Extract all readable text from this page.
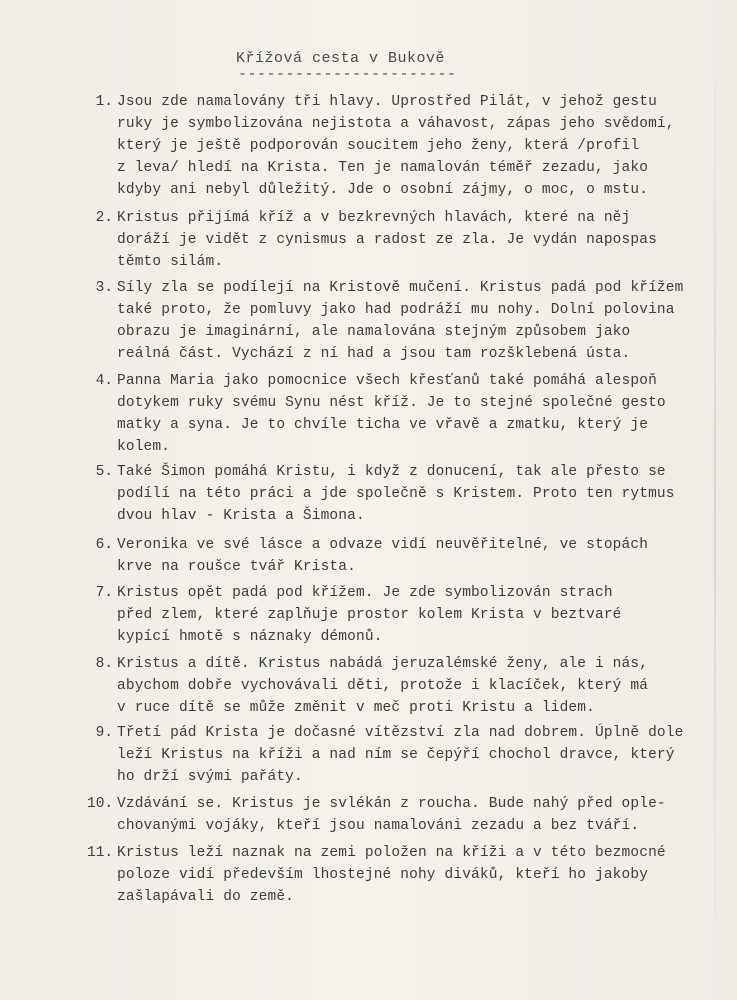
Křížová cesta v Bukově
-----------------------
1. Jsou zde namalovány tři hlavy. Uprostřed Pilát, v jehož gestu
ruky je symbolizována nejistota a váhavost, zápas jeho svědomí,
který je ještě podporován soucitem jeho ženy, která /profil
z leva/ hledí na Krista. Ten je namalován téměř zezadu, jako
kdyby ani nebyl důležitý. Jde o osobní zájmy, o moc, o mstu.
2. Kristus přijímá kříž a v bezkrevných hlavách, které na něj
doráží je vidět z cynismus a radost ze zla. Je vydán napospas
těmto silám.
3. Síly zla se podílejí na Kristově mučení. Kristus padá pod křížem
také proto, že pomluvy jako had podráží mu nohy. Dolní polovina
obrazu je imaginární, ale namalována stejným způsobem jako
reálná část. Vychází z ní had a jsou tam rozšklebená ústa.
4. Panna Maria jako pomocnice všech křesťanů také pomáhá alespoň
dotykem ruky svému Synu nést kříž. Je to stejné společné gesto
matky a syna. Je to chvíle ticha ve vřavě a zmatku, který je
kolem.
5. Také Šimon pomáhá Kristu, i když z donucení, tak ale přesto se
podílí na této práci a jde společně s Kristem. Proto ten rytmus
dvou hlav - Krista a Šimona.
6. Veronika ve své lásce a odvaze vidí neuvěřitelné, ve stopách
krve na roušce tvář Krista.
7. Kristus opět padá pod křížem. Je zde symbolizován strach
před zlem, které zaplňuje prostor kolem Krista v beztvaré
kypící hmotě s náznaky démonů.
8. Kristus a dítě. Kristus nabádá jeruzalémské ženy, ale i nás,
abychom dobře vychovávali děti, protože i klacíček, který má
v ruce dítě se může změnit v meč proti Kristu a lidem.
9. Třetí pád Krista je dočasné vítězství zla nad dobrem. Úplně dole
leží Kristus na kříži a nad ním se čepýří chochol dravce, který
ho drží svými pařáty.
10. Vzdávání se. Kristus je svlékán z roucha. Bude nahý před ople-
chovanými vojáky, kteří jsou namalováni zezadu a bez tváří.
11. Kristus leží naznak na zemi položen na kříži a v této bezmocné
poloze vidí především lhostejné nohy diváků, kteří ho jakoby
zašlapávali do země.
